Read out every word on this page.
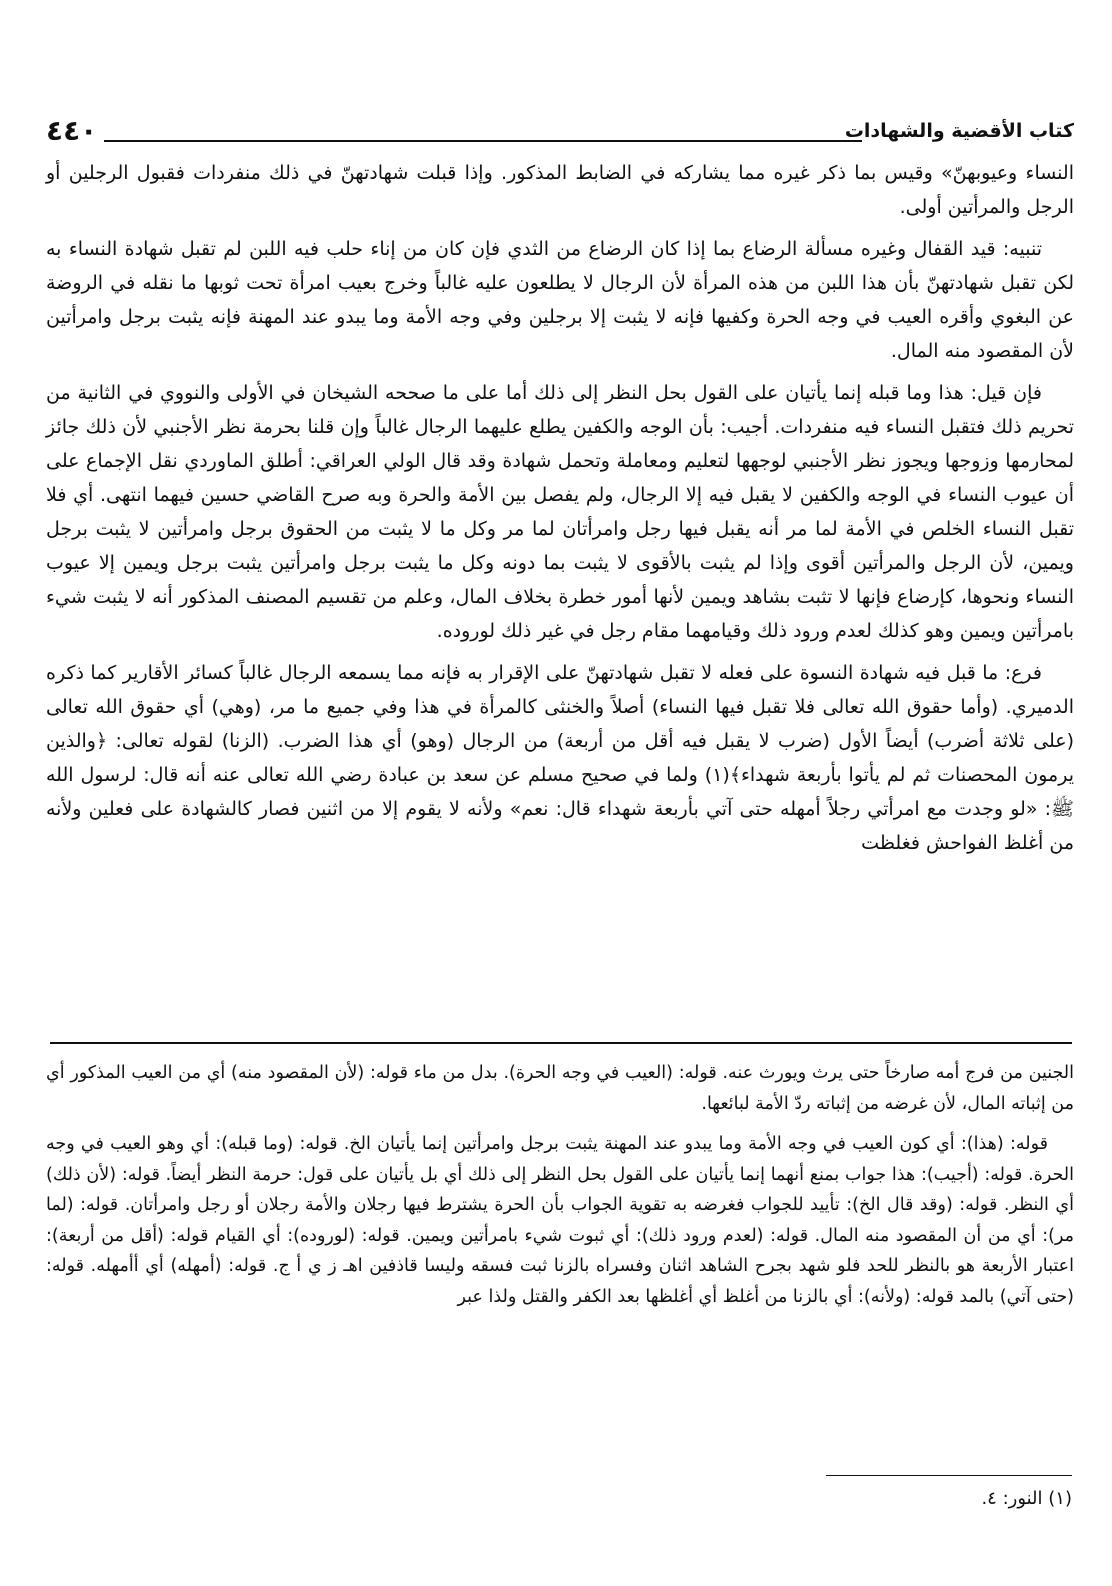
٤٤٠	كتاب الأقضية والشهادات

النساء وعيوبهنّ» وقيس بما ذكر غيره مما يشاركه في الضابط المذكور. وإذا قبلت شهادتهنّ في ذلك منفردات فقبول الرجلين أو الرجل والمرأتين أولى.

تنبيه: قيد القفال وغيره مسألة الرضاع بما إذا كان الرضاع من الثدي فإن كان من إناء حلب فيه اللبن لم تقبل شهادة النساء به لكن تقبل شهادتهنّ بأن هذا اللبن من هذه المرأة لأن الرجال لا يطلعون عليه غالباً وخرج بعيب امرأة تحت ثوبها ما نقله في الروضة عن البغوي وأقره العيب في وجه الحرة وكفيها فإنه لا يثبت إلا برجلين وفي وجه الأمة وما يبدو عند المهنة فإنه يثبت برجل وامرأتين لأن المقصود منه المال.

فإن قيل: هذا وما قبله إنما يأتيان على القول بحل النظر إلى ذلك أما على ما صححه الشيخان في الأولى والنووي في الثانية من تحريم ذلك فتقبل النساء فيه منفردات. أجيب: بأن الوجه والكفين يطلع عليهما الرجال غالباً وإن قلنا بحرمة نظر الأجنبي لأن ذلك جائز لمحارمها وزوجها ويجوز نظر الأجنبي لوجهها لتعليم ومعاملة وتحمل شهادة وقد قال الولي العراقي: أطلق الماوردي نقل الإجماع على أن عيوب النساء في الوجه والكفين لا يقبل فيه إلا الرجال، ولم يفصل بين الأمة والحرة وبه صرح القاضي حسين فيهما انتهى. أي فلا تقبل النساء الخلص في الأمة لما مر أنه يقبل فيها رجل وامرأتان لما مر وكل ما لا يثبت من الحقوق برجل وامرأتين لا يثبت برجل ويمين، لأن الرجل والمرأتين أقوى وإذا لم يثبت بالأقوى لا يثبت بما دونه وكل ما يثبت برجل وامرأتين يثبت برجل ويمين إلا عيوب النساء ونحوها، كإرضاع فإنها لا تثبت بشاهد ويمين لأنها أمور خطرة بخلاف المال، وعلم من تقسيم المصنف المذكور أنه لا يثبت شيء بامرأتين ويمين وهو كذلك لعدم ورود ذلك وقيامهما مقام رجل في غير ذلك لوروده.

فرع: ما قبل فيه شهادة النسوة على فعله لا تقبل شهادتهنّ على الإقرار به فإنه مما يسمعه الرجال غالباً كسائر الأقارير كما ذكره الدميري. (وأما حقوق الله تعالى فلا تقبل فيها النساء) أصلاً والخنثى كالمرأة في هذا وفي جميع ما مر، (وهي) أي حقوق الله تعالى (على ثلاثة أضرب) أيضاً الأول (ضرب لا يقبل فيه أقل من أربعة) من الرجال (وهو) أي هذا الضرب. (الزنا) لقوله تعالى: ﴿والذين يرمون المحصنات ثم لم يأتوا بأربعة شهداء﴾(١) ولما في صحيح مسلم عن سعد بن عبادة رضي الله تعالى عنه أنه قال: لرسول الله ﷺ: «لو وجدت مع امرأتي رجلاً أمهله حتى آتي بأربعة شهداء قال: نعم» ولأنه لا يقوم إلا من اثنين فصار كالشهادة على فعلين ولأنه من أغلظ الفواحش فغلظت

الجنين من فرج أمه صارخاً حتى يرث ويورث عنه. قوله: (العيب في وجه الحرة). بدل من ماء قوله: (لأن المقصود منه) أي من العيب المذكور أي من إثباته المال، لأن غرضه من إثباته ردّ الأمة لبائعها.

قوله: (هذا): أي كون العيب في وجه الأمة وما يبدو عند المهنة يثبت برجل وامرأتين إنما يأتيان الخ. قوله: (وما قبله): أي وهو العيب في وجه الحرة. قوله: (أجيب): هذا جواب بمنع أنهما إنما يأتيان على القول بحل النظر إلى ذلك أي بل يأتيان على قول: حرمة النظر أيضاً. قوله: (لأن ذلك) أي النظر. قوله: (وقد قال الخ): تأييد للجواب فغرضه به تقوية الجواب بأن الحرة يشترط فيها رجلان والأمة رجلان أو رجل وامرأتان. قوله: (لما مر): أي من أن المقصود منه المال. قوله: (لعدم ورود ذلك): أي ثبوت شيء بامرأتين ويمين. قوله: (لوروده): أي القيام قوله: (أقل من أربعة): اعتبار الأربعة هو بالنظر للحد فلو شهد بجرح الشاهد اثنان وفسراه بالزنا ثبت فسقه وليسا قاذفين اهـ ز ي أ ج. قوله: (أمهله) أي أأمهله. قوله: (حتى آتي) بالمد قوله: (ولأنه): أي بالزنا من أغلظ أي أغلظها بعد الكفر والقتل ولذا عبر

(١) النور: ٤.
